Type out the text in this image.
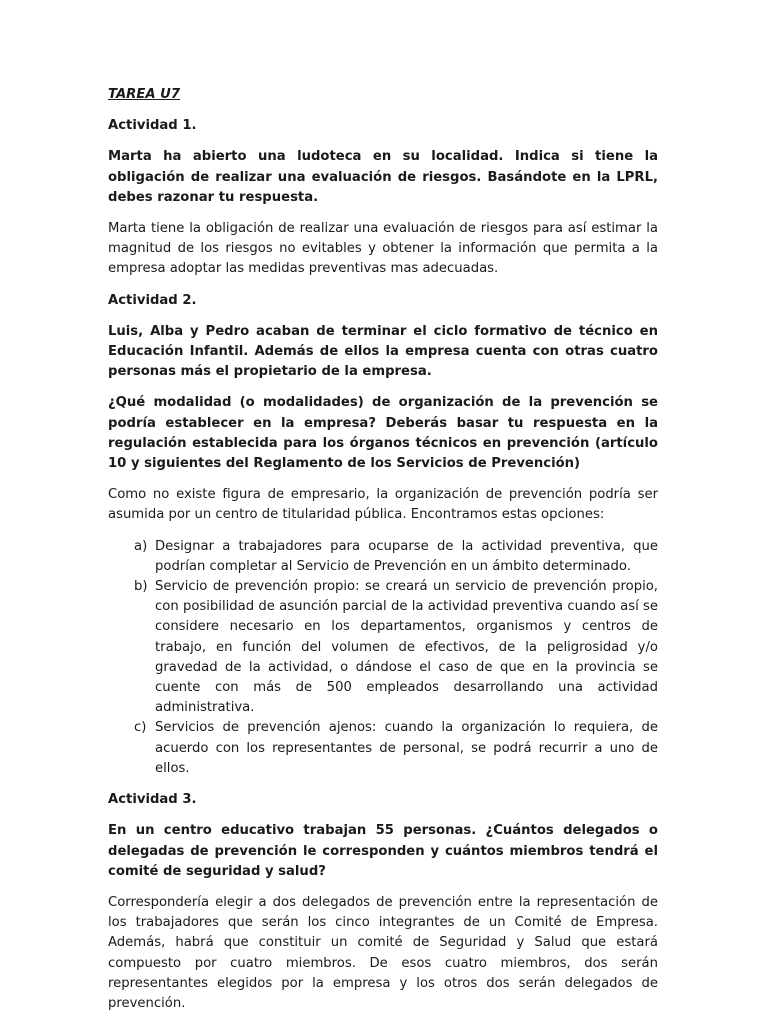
TAREA U7
Actividad 1.

Marta ha abierto una ludoteca en su localidad. Indica si tiene la obligación de realizar una evaluación de riesgos. Basándote en la LPRL, debes razonar tu respuesta.

Marta tiene la obligación de realizar una evaluación de riesgos para así estimar la magnitud de los riesgos no evitables y obtener la información que permita a la empresa adoptar las medidas preventivas mas adecuadas.

Actividad 2.

Luis, Alba y Pedro acaban de terminar el ciclo formativo de técnico en Educación Infantil. Además de ellos la empresa cuenta con otras cuatro personas más el propietario de la empresa.

¿Qué modalidad (o modalidades) de organización de la prevención se podría establecer en la empresa? Deberás basar tu respuesta en la regulación establecida para los órganos técnicos en prevención (artículo 10 y siguientes del Reglamento de los Servicios de Prevención)

Como no existe figura de empresario, la organización de prevención podría ser asumida por un centro de titularidad pública. Encontramos estas opciones:

a) Designar a trabajadores para ocuparse de la actividad preventiva, que podrían completar al Servicio de Prevención en un ámbito determinado.
b) Servicio de prevención propio: se creará un servicio de prevención propio, con posibilidad de asunción parcial de la actividad preventiva cuando así se considere necesario en los departamentos, organismos y centros de trabajo, en función del volumen de efectivos, de la peligrosidad y/o gravedad de la actividad, o dándose el caso de que en la provincia se cuente con más de 500 empleados desarrollando una actividad administrativa.
c) Servicios de prevención ajenos: cuando la organización lo requiera, de acuerdo con los representantes de personal, se podrá recurrir a uno de ellos.
Actividad 3.

En un centro educativo trabajan 55 personas. ¿Cuántos delegados o delegadas de prevención le corresponden y cuántos miembros tendrá el comité de seguridad y salud?

Correspondería elegir a dos delegados de prevención entre la representación de los trabajadores que serán los cinco integrantes de un Comité de Empresa. Además, habrá que constituir un comité de Seguridad y Salud que estará compuesto por cuatro miembros. De esos cuatro miembros, dos serán representantes elegidos por la empresa y los otros dos serán delegados de prevención.
